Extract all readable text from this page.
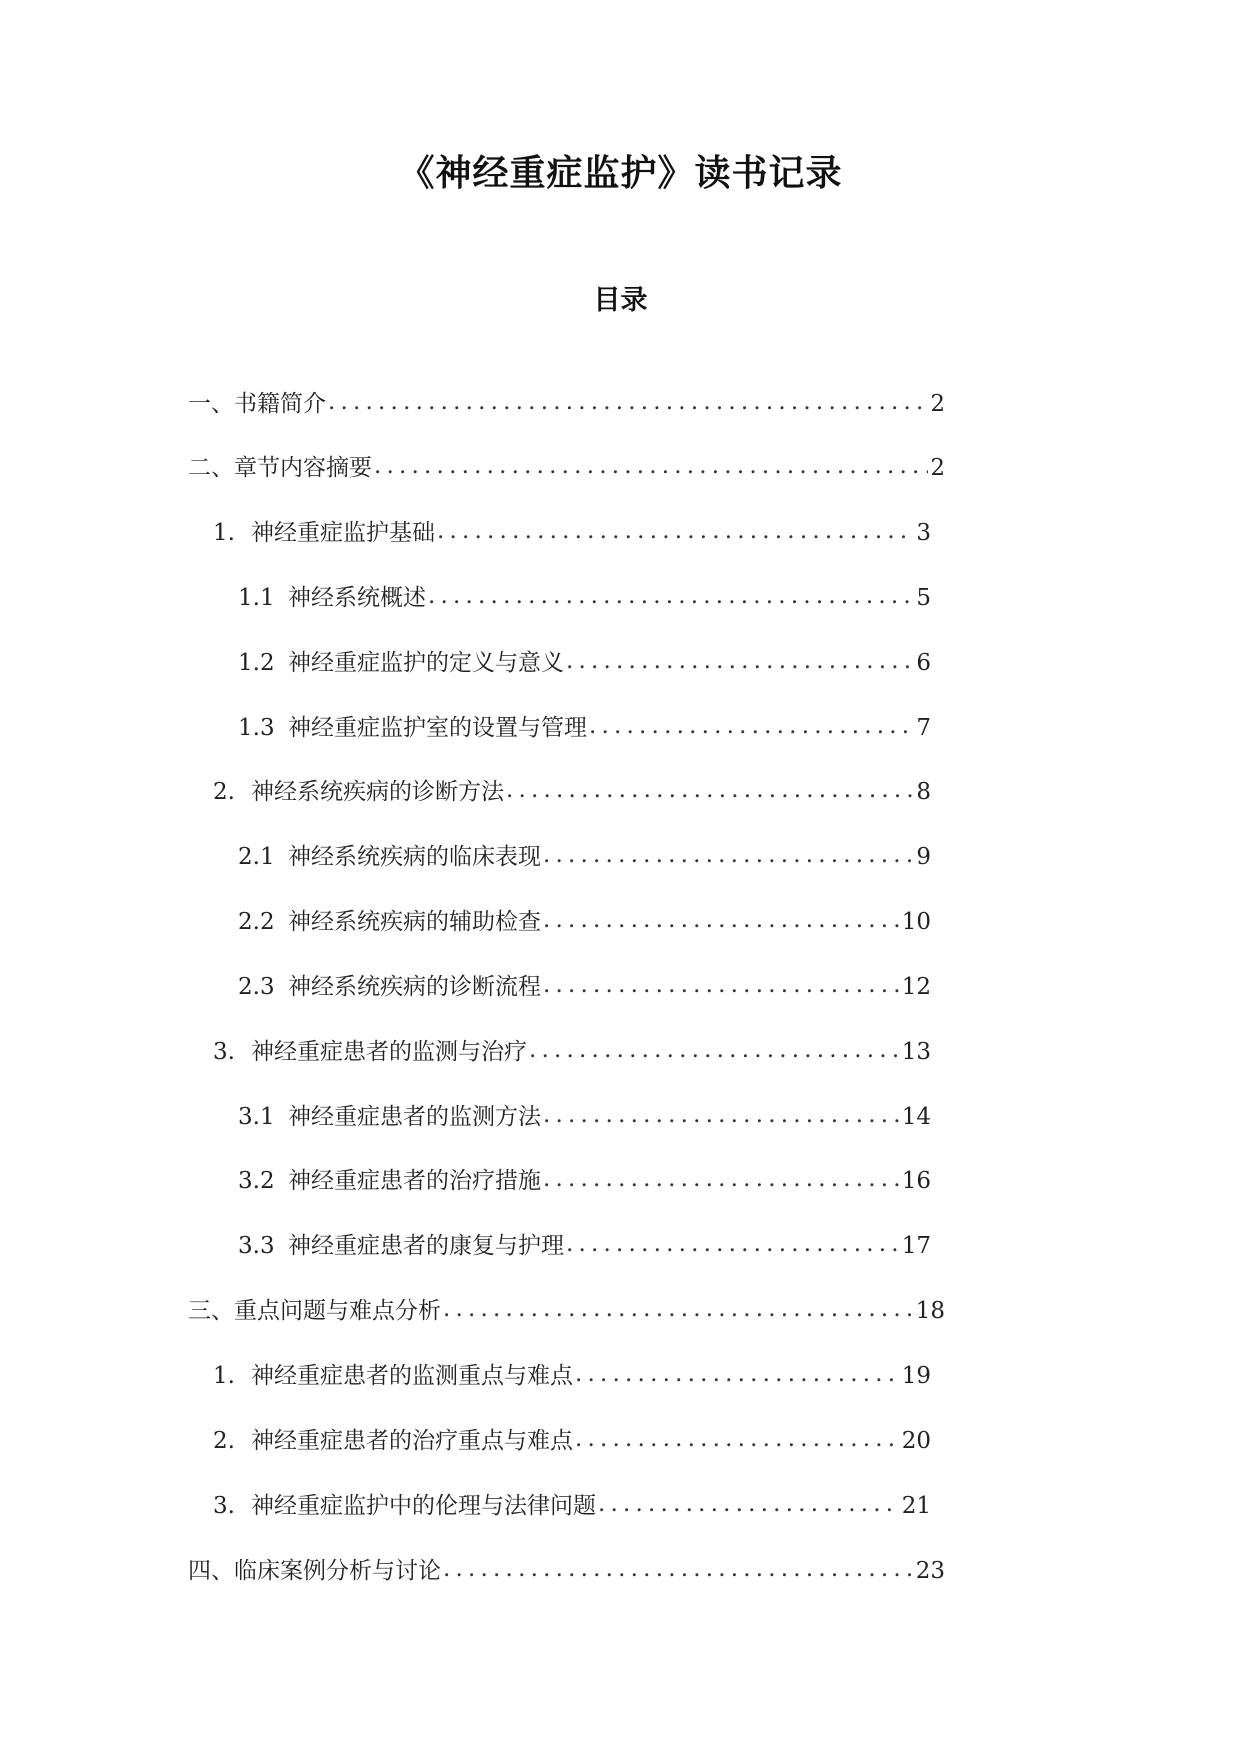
《神经重症监护》读书记录
目录
一、 书籍简介 .....	2
二、 章节内容摘要 .....	2
1. 神经重症监护基础 .....	3
1.1 神经系统概述 .....	5
1.2 神经重症监护的定义与意义 .....	6
1.3 神经重症监护室的设置与管理 .....	7
2. 神经系统疾病的诊断方法 .....	8
2.1 神经系统疾病的临床表现 .....	9
2.2 神经系统疾病的辅助检查 .....	10
2.3 神经系统疾病的诊断流程 .....	12
3. 神经重症患者的监测与治疗 .....	13
3.1 神经重症患者的监测方法 .....	14
3.2 神经重症患者的治疗措施 .....	16
3.3 神经重症患者的康复与护理 .....	17
三、 重点问题与难点分析 .....	18
1. 神经重症患者的监测重点与难点 .....	19
2. 神经重症患者的治疗重点与难点 .....	20
3. 神经重症监护中的伦理与法律问题 .....	21
四、 临床案例分析与讨论 .....	23
